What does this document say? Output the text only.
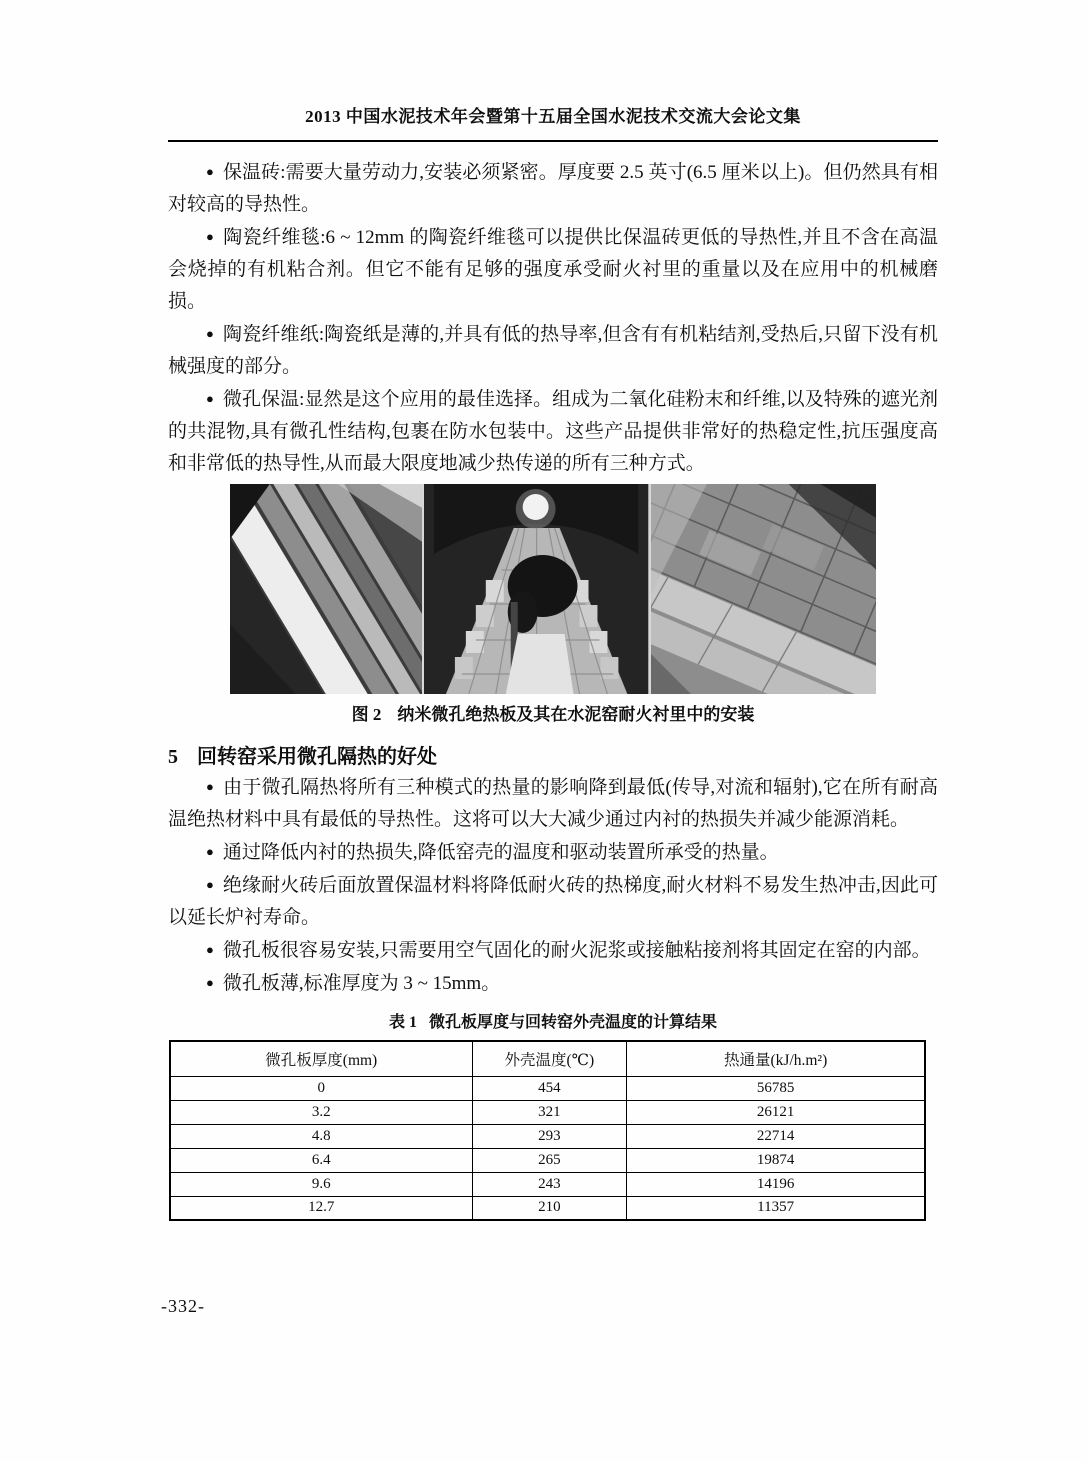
2013 中国水泥技术年会暨第十五届全国水泥技术交流大会论文集

● 保温砖:需要大量劳动力,安装必须紧密。厚度要 2.5 英寸(6.5 厘米以上)。但仍然具有相对较高的导热性。

● 陶瓷纤维毯:6 ~ 12mm 的陶瓷纤维毯可以提供比保温砖更低的导热性,并且不含在高温会烧掉的有机粘合剂。但它不能有足够的强度承受耐火衬里的重量以及在应用中的机械磨损。

● 陶瓷纤维纸:陶瓷纸是薄的,并具有低的热导率,但含有有机粘结剂,受热后,只留下没有机械强度的部分。

● 微孔保温:显然是这个应用的最佳选择。组成为二氧化硅粉末和纤维,以及特殊的遮光剂的共混物,具有微孔性结构,包裹在防水包装中。这些产品提供非常好的热稳定性,抗压强度高和非常低的热导性,从而最大限度地减少热传递的所有三种方式。

图 2 纳米微孔绝热板及其在水泥窑耐火衬里中的安装
5 回转窑采用微孔隔热的好处

● 由于微孔隔热将所有三种模式的热量的影响降到最低(传导,对流和辐射),它在所有耐高温绝热材料中具有最低的导热性。这将可以大大减少通过内衬的热损失并减少能源消耗。

● 通过降低内衬的热损失,降低窑壳的温度和驱动装置所承受的热量。

● 绝缘耐火砖后面放置保温材料将降低耐火砖的热梯度,耐火材料不易发生热冲击,因此可以延长炉衬寿命。

● 微孔板很容易安装,只需要用空气固化的耐火泥浆或接触粘接剂将其固定在窑的内部。

● 微孔板薄,标准厚度为 3 ~ 15mm。

表 1 微孔板厚度与回转窑外壳温度的计算结果
微孔板厚度(mm)	外壳温度(℃)	热通量(kJ/h.m²)
0	454	56785
3.2	321	26121
4.8	293	22714
6.4	265	19874
9.6	243	14196
12.7	210	11357
-332-
